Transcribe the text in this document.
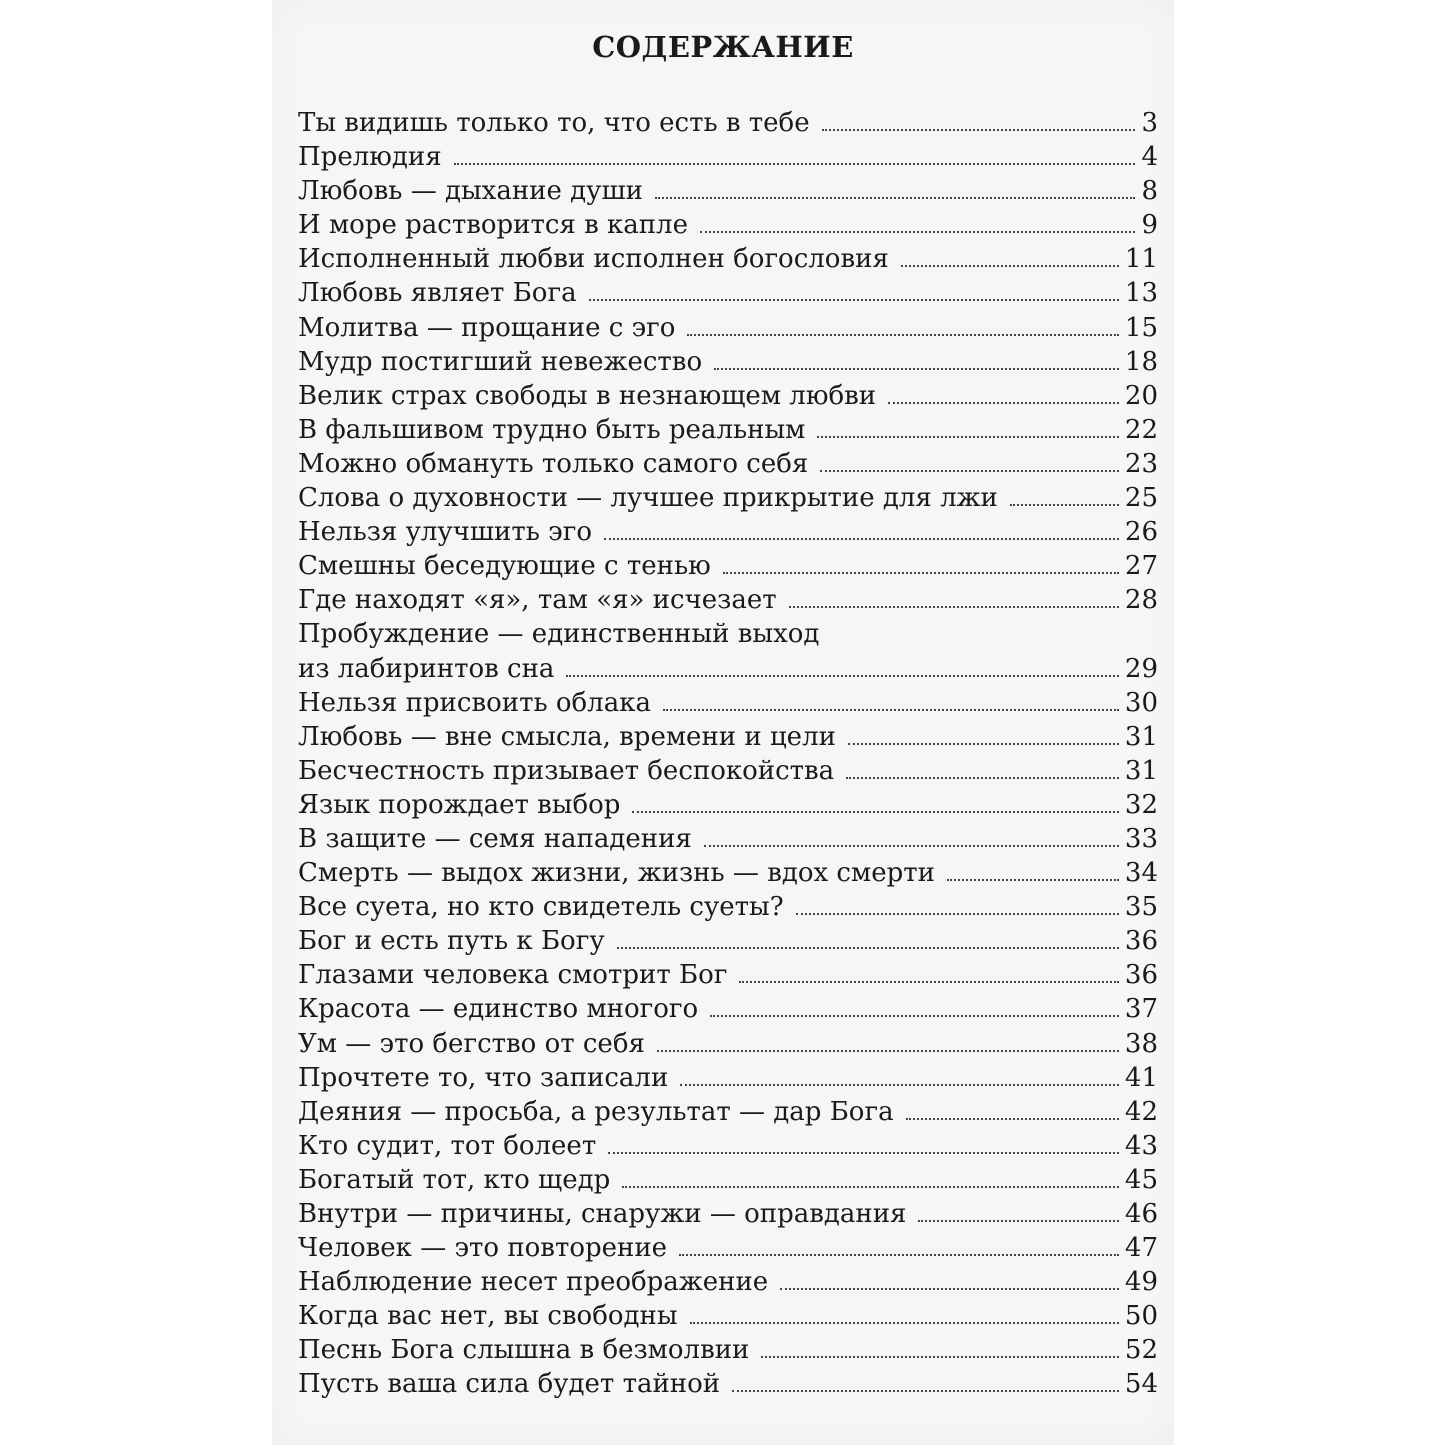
СОДЕРЖАНИЕ
Ты видишь только то, что есть в тебе	3
Прелюдия	4
Любовь — дыхание души	8
И море растворится в капле	9
Исполненный любви исполнен богословия	11
Любовь являет Бога	13
Молитва — прощание с эго	15
Мудр постигший невежество	18
Велик страх свободы в незнающем любви	20
В фальшивом трудно быть реальным	22
Можно обмануть только самого себя	23
Слова о духовности — лучшее прикрытие для лжи	25
Нельзя улучшить эго	26
Смешны беседующие с тенью	27
Где находят «я», там «я» исчезает	28
Пробуждение — единственный выход
из лабиринтов сна	29
Нельзя присвоить облака	30
Любовь — вне смысла, времени и цели	31
Бесчестность призывает беспокойства	31
Язык порождает выбор	32
В защите — семя нападения	33
Смерть — выдох жизни, жизнь — вдох смерти	34
Все суета, но кто свидетель суеты?	35
Бог и есть путь к Богу	36
Глазами человека смотрит Бог	36
Красота — единство многого	37
Ум — это бегство от себя	38
Прочтете то, что записали	41
Деяния — просьба, а результат — дар Бога	42
Кто судит, тот болеет	43
Богатый тот, кто щедр	45
Внутри — причины, снаружи — оправдания	46
Человек — это повторение	47
Наблюдение несет преображение	49
Когда вас нет, вы свободны	50
Песнь Бога слышна в безмолвии	52
Пусть ваша сила будет тайной	54
